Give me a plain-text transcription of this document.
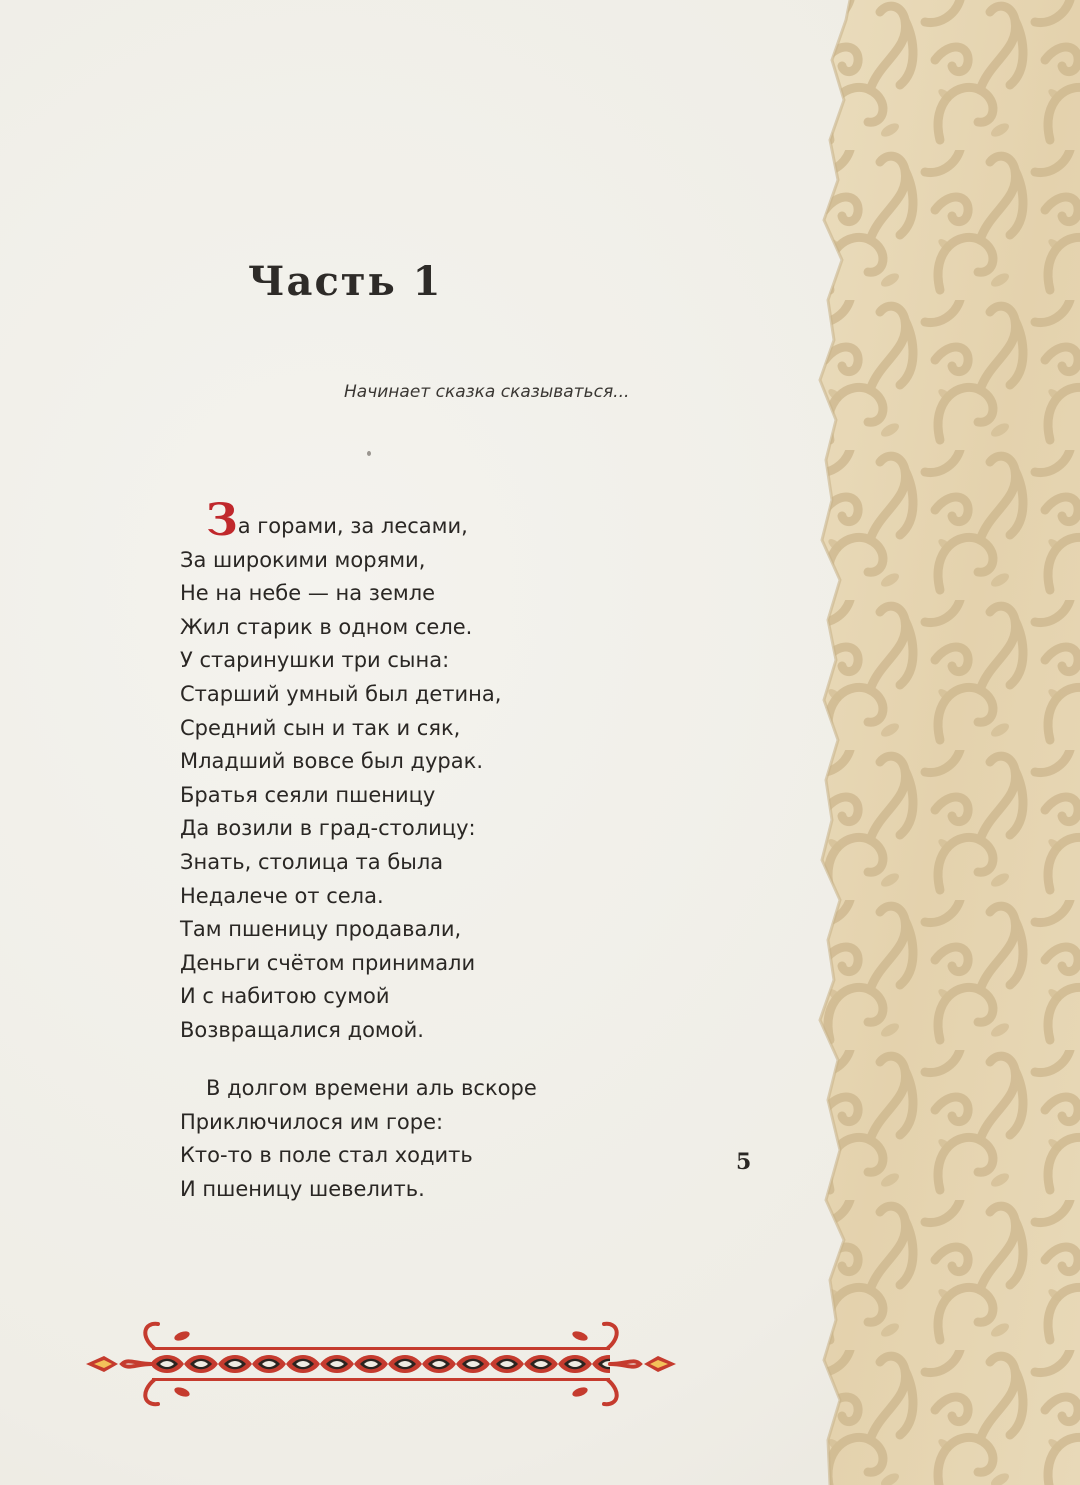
Часть 1

Начинает сказка сказываться...

За горами, за лесами,
За широкими морями,
Не на небе — на земле
Жил старик в одном селе.
У старинушки три сына:
Старший умный был детина,
Средний сын и так и сяк,
Младший вовсе был дурак.
Братья сеяли пшеницу
Да возили в град-столицу:
Знать, столица та была
Недалече от села.
Там пшеницу продавали,
Деньги счётом принимали
И с набитою сумой
Возвращалися домой.
В долгом времени аль вскоре
Приключилося им горе:
Кто-то в поле стал ходить
И пшеницу шевелить.

5
